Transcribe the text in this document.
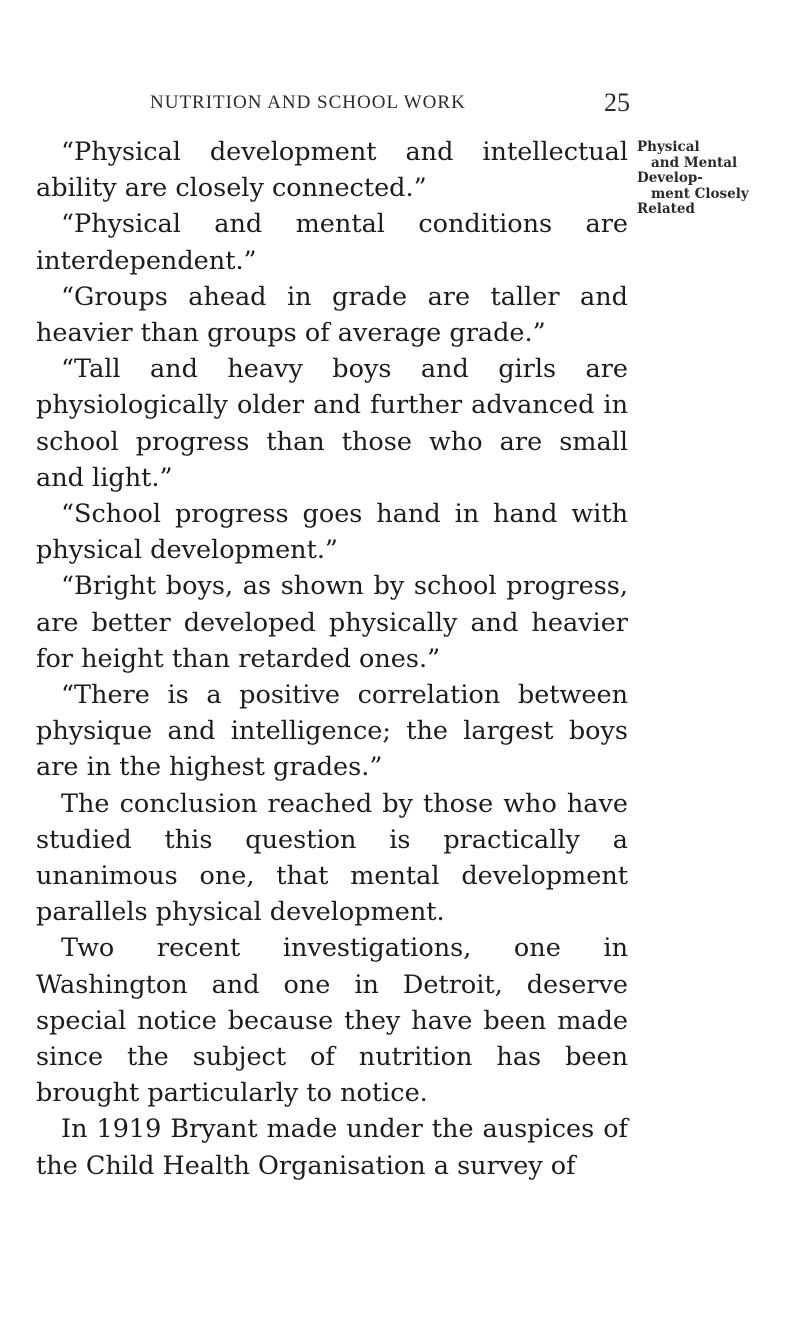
NUTRITION AND SCHOOL WORK	25

“Physical development and intellectual ability are closely connected.”

“Physical and mental conditions are interdependent.”

“Groups ahead in grade are taller and heavier than groups of average grade.”

“Tall and heavy boys and girls are physiologically older and further advanced in school progress than those who are small and light.”

“School progress goes hand in hand with physical development.”

“Bright boys, as shown by school progress, are better developed physically and heavier for height than retarded ones.”

“There is a positive correlation between physique and intelligence; the largest boys are in the highest grades.”

The conclusion reached by those who have studied this question is practically a unanimous one, that mental development parallels physical development.

Two recent investigations, one in Washington and one in Detroit, deserve special notice because they have been made since the subject of nutrition has been brought particularly to notice.

In 1919 Bryant made under the auspices of the Child Health Organisation a survey of

Physical
and Mental
Develop-
ment Closely
Related
